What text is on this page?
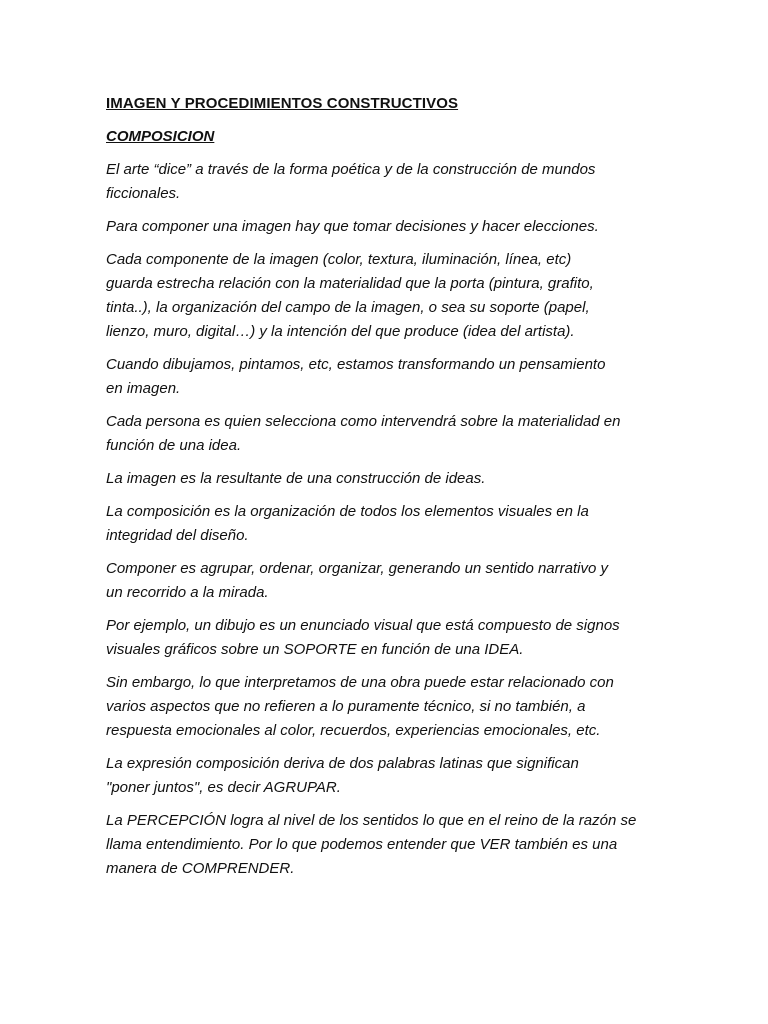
IMAGEN Y PROCEDIMIENTOS CONSTRUCTIVOS
COMPOSICION

El arte “dice” a través de la forma poética y de la construcción de mundos
ficcionales.

Para componer una imagen hay que tomar decisiones y hacer elecciones.

Cada componente de la imagen (color, textura, iluminación, línea, etc)
guarda estrecha relación con la materialidad que la porta (pintura, grafito,
tinta..), la organización del campo de la imagen, o sea su soporte (papel,
lienzo, muro, digital…) y la intención del que produce (idea del artista).

Cuando dibujamos, pintamos, etc, estamos transformando un pensamiento
en imagen.

Cada persona es quien selecciona como intervendrá sobre la materialidad en
función de una idea.

La imagen es la resultante de una construcción de ideas.

La composición es la organización de todos los elementos visuales en la
integridad del diseño.

Componer es agrupar, ordenar, organizar, generando un sentido narrativo y
un recorrido a la mirada.

Por ejemplo, un dibujo es un enunciado visual que está compuesto de signos
visuales gráficos sobre un SOPORTE en función de una IDEA.

Sin embargo, lo que interpretamos de una obra puede estar relacionado con
varios aspectos que no refieren a lo puramente técnico, si no también, a
respuesta emocionales al color, recuerdos, experiencias emocionales, etc.

La expresión composición deriva de dos palabras latinas que significan
"poner juntos", es decir AGRUPAR.

La PERCEPCIÓN logra al nivel de los sentidos lo que en el reino de la razón se
llama entendimiento. Por lo que podemos entender que VER también es una
manera de COMPRENDER.
